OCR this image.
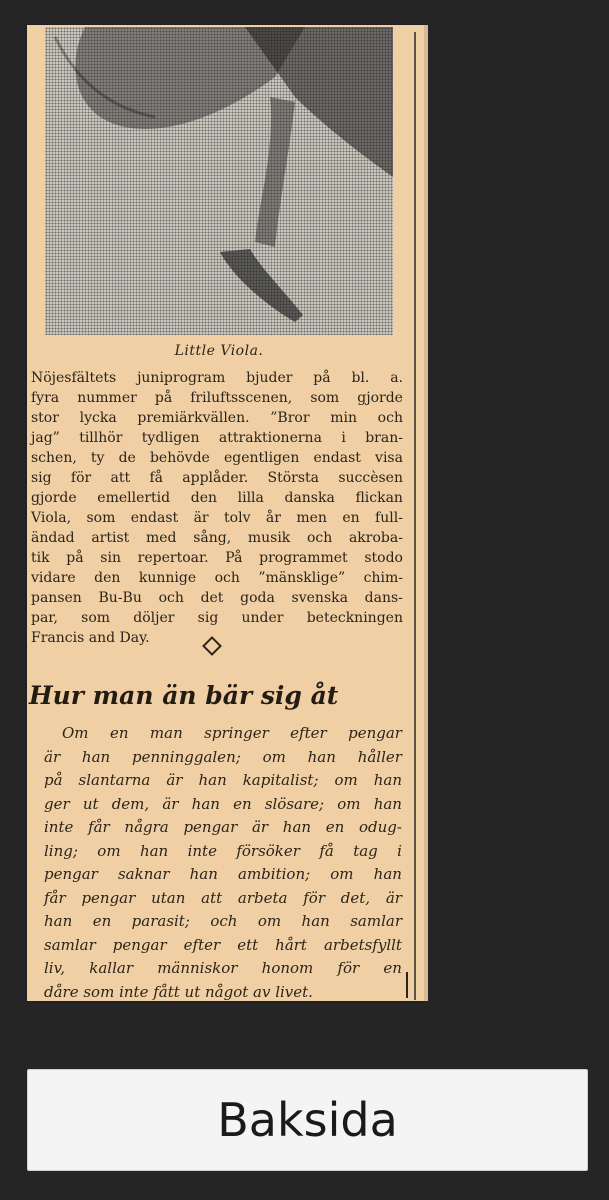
Little Viola.
Nöjesfältets juniprogram bjuder på bl. a.
fyra nummer på friluftsscenen, som gjorde
stor lycka premiärkvällen. ”Bror min och
jag” tillhör tydligen attraktionerna i bran-
schen, ty de behövde egentligen endast visa
sig för att få applåder. Största succèsen
gjorde emellertid den lilla danska flickan
Viola, som endast är tolv år men en full-
ändad artist med sång, musik och akroba-
tik på sin repertoar. På programmet stodo
vidare den kunnige och ”mänsklige” chim-
pansen Bu-Bu och det goda svenska dans-
par, som döljer sig under beteckningen
Francis and Day.
Hur man än bär sig åt
Om en man springer efter pengar
är han penninggalen; om han håller
på slantarna är han kapitalist; om han
ger ut dem, är han en slösare; om han
inte får några pengar är han en odug-
ling; om han inte försöker få tag i
pengar saknar han ambition; om han
får pengar utan att arbeta för det, är
han en parasit; och om han samlar
samlar pengar efter ett hårt arbetsfyllt
liv, kallar människor honom för en
dåre som inte fått ut något av livet.
Baksida
